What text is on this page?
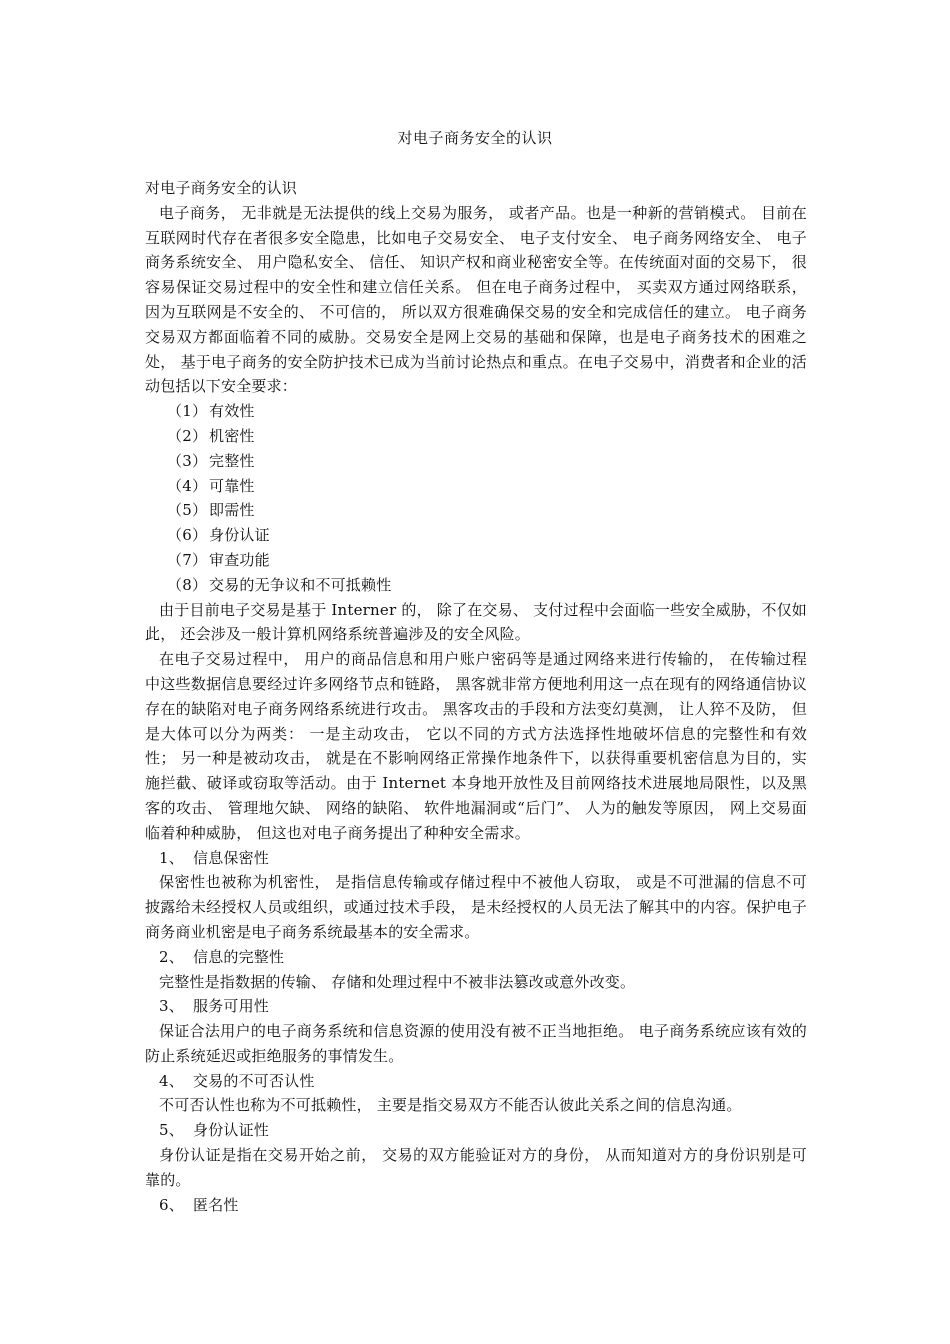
对电子商务安全的认识

对电子商务安全的认识

电子商务， 无非就是无法提供的线上交易为服务， 或者产品。也是一种新的营销模式。 目前在互联网时代存在者很多安全隐患，比如电子交易安全、 电子支付安全、 电子商务网络安全、 电子商务系统安全、 用户隐私安全、 信任、 知识产权和商业秘密安全等。在传统面对面的交易下， 很容易保证交易过程中的安全性和建立信任关系。 但在电子商务过程中， 买卖双方通过网络联系，因为互联网是不安全的、 不可信的， 所以双方很难确保交易的安全和完成信任的建立。 电子商务交易双方都面临着不同的威胁。交易安全是网上交易的基础和保障，也是电子商务技术的困难之处， 基于电子商务的安全防护技术已成为当前讨论热点和重点。在电子交易中，消费者和企业的活动包括以下安全要求：

（1） 有效性

（2） 机密性

（3） 完整性

（4） 可靠性

（5） 即需性

（6） 身份认证

（7） 审查功能

（8） 交易的无争议和不可抵赖性

由于目前电子交易是基于 Interner 的， 除了在交易、 支付过程中会面临一些安全威胁，不仅如此， 还会涉及一般计算机网络系统普遍涉及的安全风险。

在电子交易过程中， 用户的商品信息和用户账户密码等是通过网络来进行传输的， 在传输过程中这些数据信息要经过许多网络节点和链路， 黑客就非常方便地利用这一点在现有的网络通信协议存在的缺陷对电子商务网络系统进行攻击。 黑客攻击的手段和方法变幻莫测， 让人猝不及防， 但是大体可以分为两类： 一是主动攻击， 它以不同的方式方法选择性地破坏信息的完整性和有效性； 另一种是被动攻击， 就是在不影响网络正常操作地条件下，以获得重要机密信息为目的，实施拦截、破译或窃取等活动。由于 Internet 本身地开放性及目前网络技术进展地局限性，以及黑客的攻击、 管理地欠缺、 网络的缺陷、 软件地漏洞或“后门”、 人为的触发等原因， 网上交易面临着种种威胁， 但这也对电子商务提出了种种安全需求。

1、 信息保密性

保密性也被称为机密性， 是指信息传输或存储过程中不被他人窃取， 或是不可泄漏的信息不可披露给未经授权人员或组织，或通过技术手段， 是未经授权的人员无法了解其中的内容。保护电子商务商业机密是电子商务系统最基本的安全需求。

2、 信息的完整性

完整性是指数据的传输、 存储和处理过程中不被非法篡改或意外改变。

3、 服务可用性

保证合法用户的电子商务系统和信息资源的使用没有被不正当地拒绝。 电子商务系统应该有效的防止系统延迟或拒绝服务的事情发生。

4、 交易的不可否认性

不可否认性也称为不可抵赖性， 主要是指交易双方不能否认彼此关系之间的信息沟通。

5、 身份认证性

身份认证是指在交易开始之前， 交易的双方能验证对方的身份， 从而知道对方的身份识别是可靠的。

6、 匿名性
